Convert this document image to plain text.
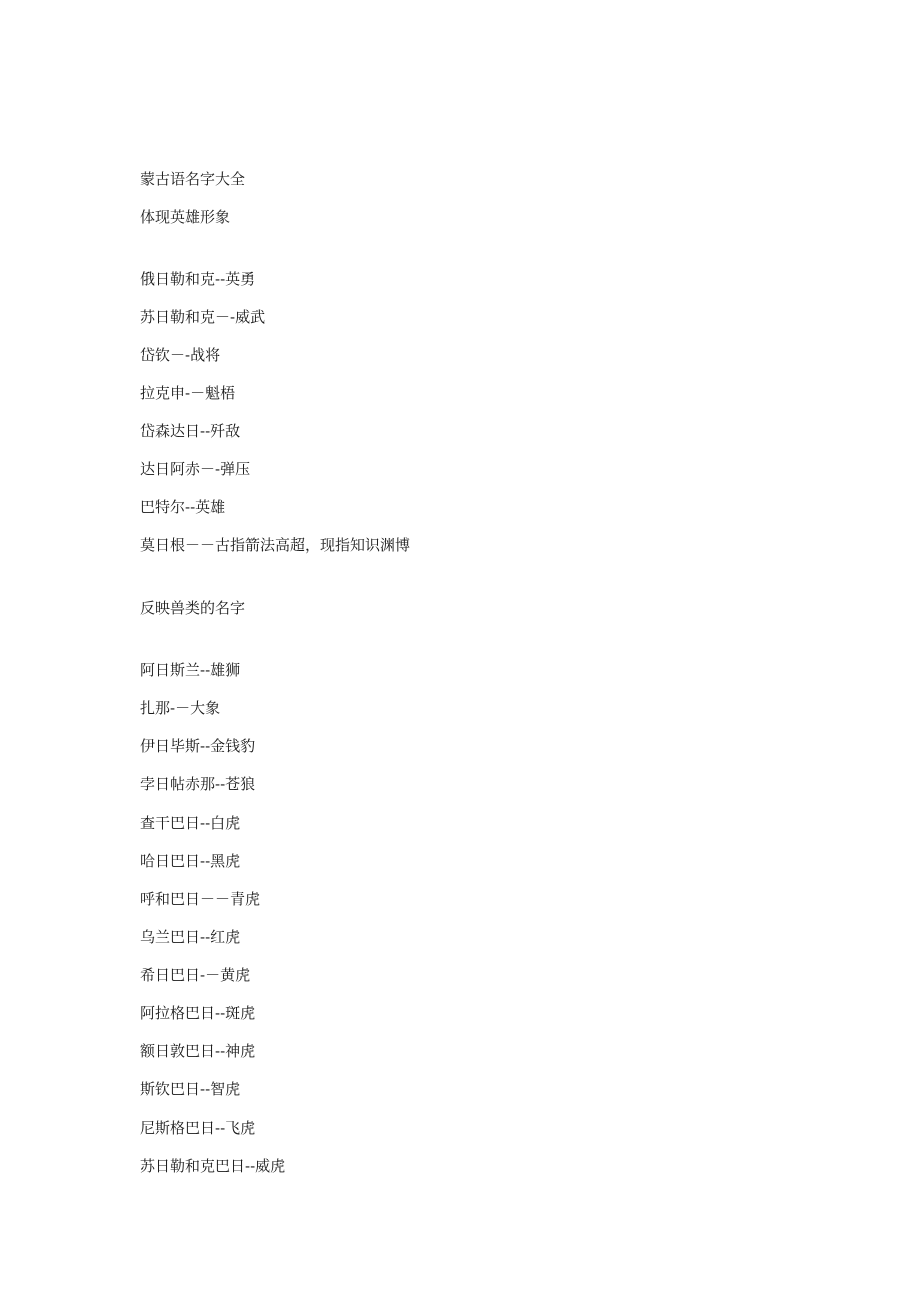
蒙古语名字大全
体现英雄形象
俄日勒和克--英勇
苏日勒和克－-威武
岱钦－-战将
拉克申-－魁梧
岱森达日--歼敌
达日阿赤－-弹压
巴特尔--英雄
莫日根－－古指箭法高超，现指知识渊博
反映兽类的名字
阿日斯兰--雄狮
扎那-－大象
伊日毕斯--金钱豹
孛日帖赤那--苍狼
查干巴日--白虎
哈日巴日--黑虎
呼和巴日－－青虎
乌兰巴日--红虎
希日巴日-－黄虎
阿拉格巴日--斑虎
额日敦巴日--神虎
斯钦巴日--智虎
尼斯格巴日--飞虎
苏日勒和克巴日--威虎
